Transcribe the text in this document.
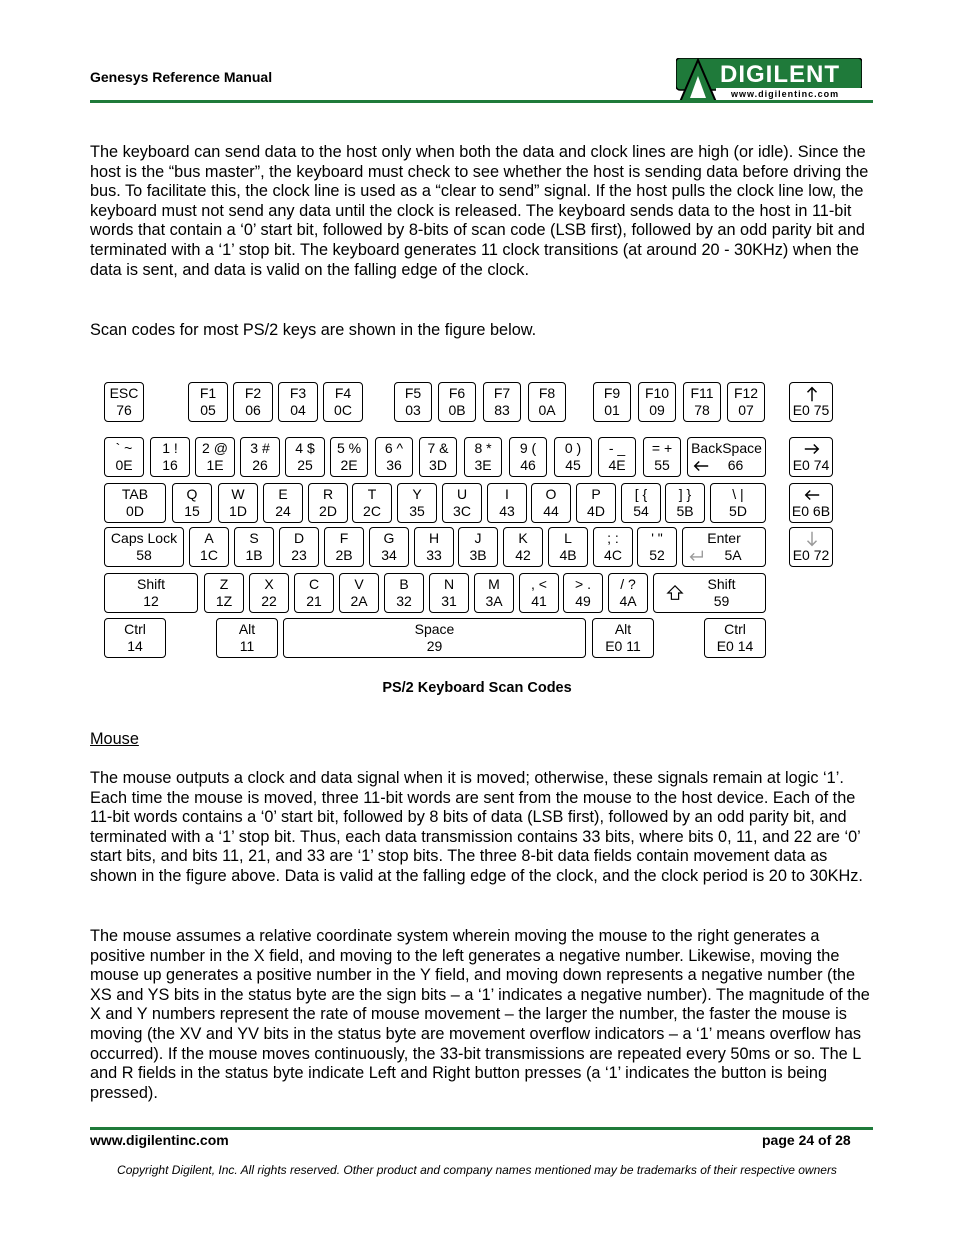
Genesys Reference Manual	DIGILENT
www.digilentinc.com

The keyboard can send data to the host only when both the data and clock lines are high (or idle). Since the host is the “bus master”, the keyboard must check to see whether the host is sending data before driving the bus. To facilitate this, the clock line is used as a “clear to send” signal. If the host pulls the clock line low, the keyboard must not send any data until the clock is released. The keyboard sends data to the host in 11-bit words that contain a ‘0’ start bit, followed by 8-bits of scan code (LSB first), followed by an odd parity bit and terminated with a ‘1’ stop bit. The keyboard generates 11 clock transitions (at around 20 - 30KHz) when the data is sent, and data is valid on the falling edge of the clock.

Scan codes for most PS/2 keys are shown in the figure below.

ESC
76
F1
05
F2
06
F3
04
F4
0C
F5
03
F6
0B
F7
83
F8
0A
F9
01
F10
09
F11
78
F12
07
	E0 75
` ~
0E
1 !
16
2 @
1E
3 #
26
4 $
25
5 %
2E
6 ^
36
7 &
3D
8 *
3E
9 (
46
0 )
45
- _
4E
= +
55
BackSpace
66
	E0 74
TAB
0D
Q
15
W
1D
E
24
R
2D
T
2C
Y
35
U
3C
I
43
O
44
P
4D
[ {
54
] }
5B
\ |
5D
	E0 6B
Caps Lock
58
A
1C
S
1B
D
23
F
2B
G
34
H
33
J
3B
K
42
L
4B
; :
4C
' "
52
Enter
5A
	E0 72
Shift
12
Z
1Z
X
22
C
21
V
2A
B
32
N
31
M
3A
, <
41
> .
49
/ ?
4A
Shift
59
Ctrl
14
Alt
11
Space
29
Alt
E0 11
Ctrl
E0 14
PS/2 Keyboard Scan Codes
Mouse

The mouse outputs a clock and data signal when it is moved; otherwise, these signals remain at logic ‘1’. Each time the mouse is moved, three 11-bit words are sent from the mouse to the host device. Each of the 11-bit words contains a ‘0’ start bit, followed by 8 bits of data (LSB first), followed by an odd parity bit, and terminated with a ‘1’ stop bit. Thus, each data transmission contains 33 bits, where bits 0, 11, and 22 are ‘0’ start bits, and bits 11, 21, and 33 are ‘1’ stop bits. The three 8-bit data fields contain movement data as shown in the figure above. Data is valid at the falling edge of the clock, and the clock period is 20 to 30KHz.

The mouse assumes a relative coordinate system wherein moving the mouse to the right generates a positive number in the X field, and moving to the left generates a negative number. Likewise, moving the mouse up generates a positive number in the Y field, and moving down represents a negative number (the XS and YS bits in the status byte are the sign bits – a ‘1’ indicates a negative number). The magnitude of the X and Y numbers represent the rate of mouse movement – the larger the number, the faster the mouse is moving (the XV and YV bits in the status byte are movement overflow indicators – a ‘1’ means overflow has occurred). If the mouse moves continuously, the 33-bit transmissions are repeated every 50ms or so. The L and R fields in the status byte indicate Left and Right button presses (a ‘1’ indicates the button is being pressed).

www.digilentinc.com	page 24 of 28
Copyright Digilent, Inc. All rights reserved. Other product and company names mentioned may be trademarks of their respective owners
